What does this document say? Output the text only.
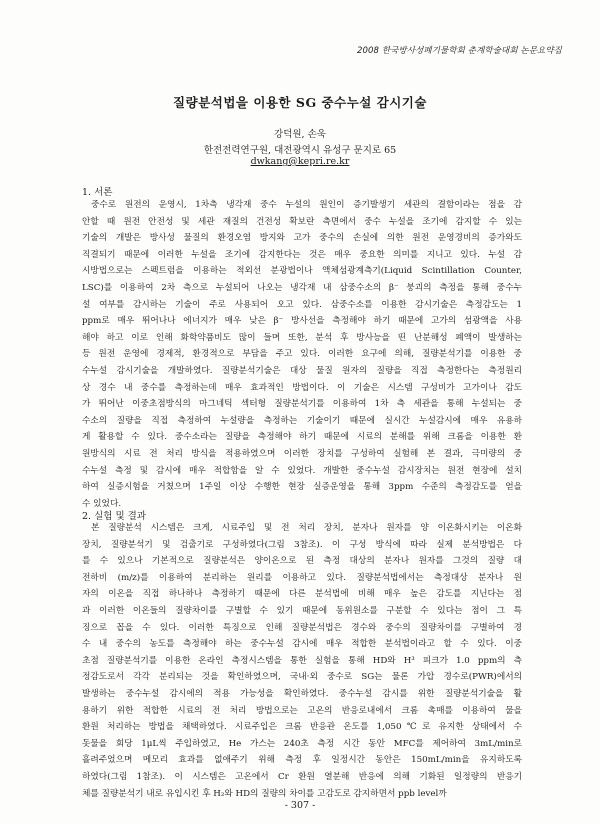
2008 한국방사성폐기물학회 춘계학술대회 논문요약집
질량분석법을 이용한 SG 중수누설 감시기술
강덕원, 손욱
한전전력연구원, 대전광역시 유성구 문지로 65
dwkang@kepri.re.kr
1. 서론
중수로 원전의 운영시, 1차측 냉각재 중수 누설의 원인이 증기발생기 세관의 결함이라는 점을 감
안할 때 원전 안전성 및 세관 재질의 건전성 확보란 측면에서 중수 누설을 조기에 감지할 수 있는
기술의 개발은 방사성 물질의 환경오염 방지와 고가 중수의 손실에 의한 원전 운영경비의 증가와도
직결되기 때문에 이러한 누설을 조기에 감지한다는 것은 매우 중요한 의미를 지니고 있다. 누설 감
시방법으로는 스펙트럼을 이용하는 적외선 분광법이나 액체섬광계측기(Liquid Scintillation Counter,
LSC)를 이용하여 2차 측으로 누설되어 나오는 냉각재 내 삼중수소의 β⁻ 붕괴의 측정을 통해 중수누
설 여부를 감시하는 기술이 주로 사용되어 오고 있다. 삼중수소를 이용한 감시기술은 측정감도는 1
ppm로 매우 뛰어나나 에너지가 매우 낮은 β⁻ 방사선을 측정해야 하기 때문에 고가의 섬광액을 사용
해야 하고 이로 인해 화학약품비도 많이 들며 또한, 분석 후 방사능을 띤 난분해성 폐액이 발생하는
등 원전 운영에 경제적, 환경적으로 부담을 주고 있다. 이러한 요구에 의해, 질량분석기를 이용한 중
수누설 감시기술을 개발하였다. 질량분석기술은 대상 물질 원자의 질량을 직접 측정한다는 측정원리
상 경수 내 중수를 측정하는데 매우 효과적인 방법이다. 이 기술은 시스템 구성비가 고가이나 감도
가 뛰어난 이중초점방식의 마그네틱 섹터형 질량분석기를 이용하여 1차 측 세관을 통해 누설되는 중
수소의 질량을 직접 측정하여 누설량을 측정하는 기술이기 때문에 실시간 누설감시에 매우 유용하
게 활용할 수 있다. 중수소라는 질량을 측정해야 하기 때문에 시료의 분해를 위해 크롬을 이용한 환
원방식의 시료 전 처리 방식을 적용하였으며 이러한 장치를 구성하여 실험해 본 결과, 극미량의 중
수누설 측정 및 감시에 매우 적합함을 알 수 있었다. 개발한 중수누설 감시장치는 원전 현장에 설치
하여 실증시험을 거쳤으며 1주일 이상 수행한 현장 실증운영을 통해 3ppm 수준의 측정감도를 얻을
수 있었다.
2. 실험 및 결과
본 질량분석 시스템은 크게, 시료주입 및 전 처리 장치, 분자나 원자를 양 이온화시키는 이온화
장치, 질량분석기 및 검출기로 구성하였다(그림 3참조). 이 구성 방식에 따라 실제 분석방법은 다
를 수 있으나 기본적으로 질량분석은 양이온으로 된 측정 대상의 분자나 원자를 그것의 질량 대
전하비 (m/z)를 이용하여 분리하는 원리를 이용하고 있다. 질량분석법에서는 측정대상 분자나 원
자의 이온을 직접 하나하나 측정하기 때문에 다른 분석법에 비해 매우 높은 감도를 지닌다는 점
과 이러한 이온들의 질량차이를 구별할 수 있기 때문에 동위원소를 구분할 수 있다는 점이 그 특
징으로 꼽을 수 있다. 이러한 특징으로 인해 질량분석법은 경수와 중수의 질량차이를 구별하여 경
수 내 중수의 농도를 측정해야 하는 중수누설 감시에 매우 적합한 분석법이라고 할 수 있다. 이중
초점 질량분석기를 이용한 온라인 측정시스템을 통한 실험을 통해 HD와 H³ 피크가 1.0 ppm의 측
정감도로서 각각 분리되는 것을 확인하였으며, 국내·외 중수로 SG는 물론 가압 경수로(PWR)에서의
발생하는 중수누설 감시에의 적용 가능성을 확인하였다. 중수누설 감시를 위한 질량분석기술을 활
용하기 위한 적합한 시료의 전 처리 방법으로는 고온의 반응로내에서 크롬 촉매를 이용하여 물을
환원 처리하는 방법을 채택하였다. 시료주입은 크롬 반응관 온도를 1,050℃로 유지한 상태에서 수
돗물을 회당 1μL씩 주입하였고, He 가스는 240초 측정 시간 동안 MFC를 제어하여 3mL/min로
흘려주었으며 메모리 효과를 없애주기 위해 측정 후 일정시간 동안은 150mL/min을 유지하도록
하였다(그림 1참조). 이 시스템은 고온에서 Cr 환원 열분해 반응에 의해 기화된 일정량의 반응기
체를 질량분석기 내로 유입시킨 후 H₂와 HD의 질량의 차이를 고감도로 감지하면서 ppb level까
- 307 -
